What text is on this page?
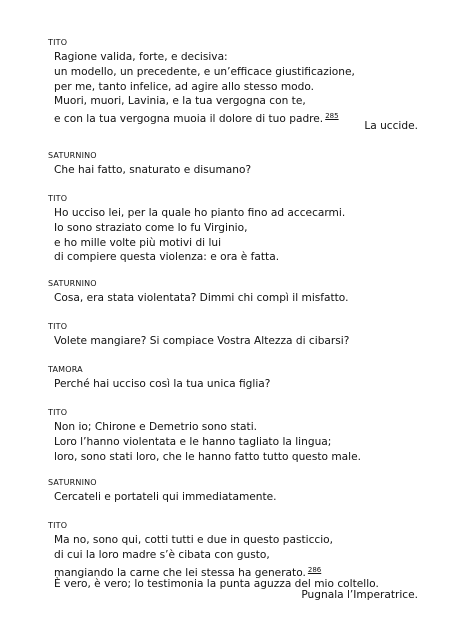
TITO
Ragione valida, forte, e decisiva:
un modello, un precedente, e un’efficace giustificazione,
per me, tanto infelice, ad agire allo stesso modo.
Muori, muori, Lavinia, e la tua vergogna con te,
e con la tua vergogna muoia il dolore di tuo padre. $^{285}$
La uccide.
SATURNINO
Che hai fatto, snaturato e disumano?
TITO
Ho ucciso lei, per la quale ho pianto fino ad accecarmi.
Io sono straziato come lo fu Virginio,
e ho mille volte più motivi di lui
di compiere questa violenza: e ora è fatta.
SATURNINO
Cosa, era stata violentata? Dimmi chi compì il misfatto.
TITO
Volete mangiare? Si compiace Vostra Altezza di cibarsi?
TAMORA
Perché hai ucciso così la tua unica figlia?
TITO
Non io; Chirone e Demetrio sono stati.
Loro l’hanno violentata e le hanno tagliato la lingua;
loro, sono stati loro, che le hanno fatto tutto questo male.
SATURNINO
Cercateli e portateli qui immediatamente.
TITO
Ma no, sono qui, cotti tutti e due in questo pasticcio,
di cui la loro madre s’è cibata con gusto,
mangiando la carne che lei stessa ha generato. $^{286}$
È vero, è vero; lo testimonia la punta aguzza del mio coltello.
Pugnala l’Imperatrice.
